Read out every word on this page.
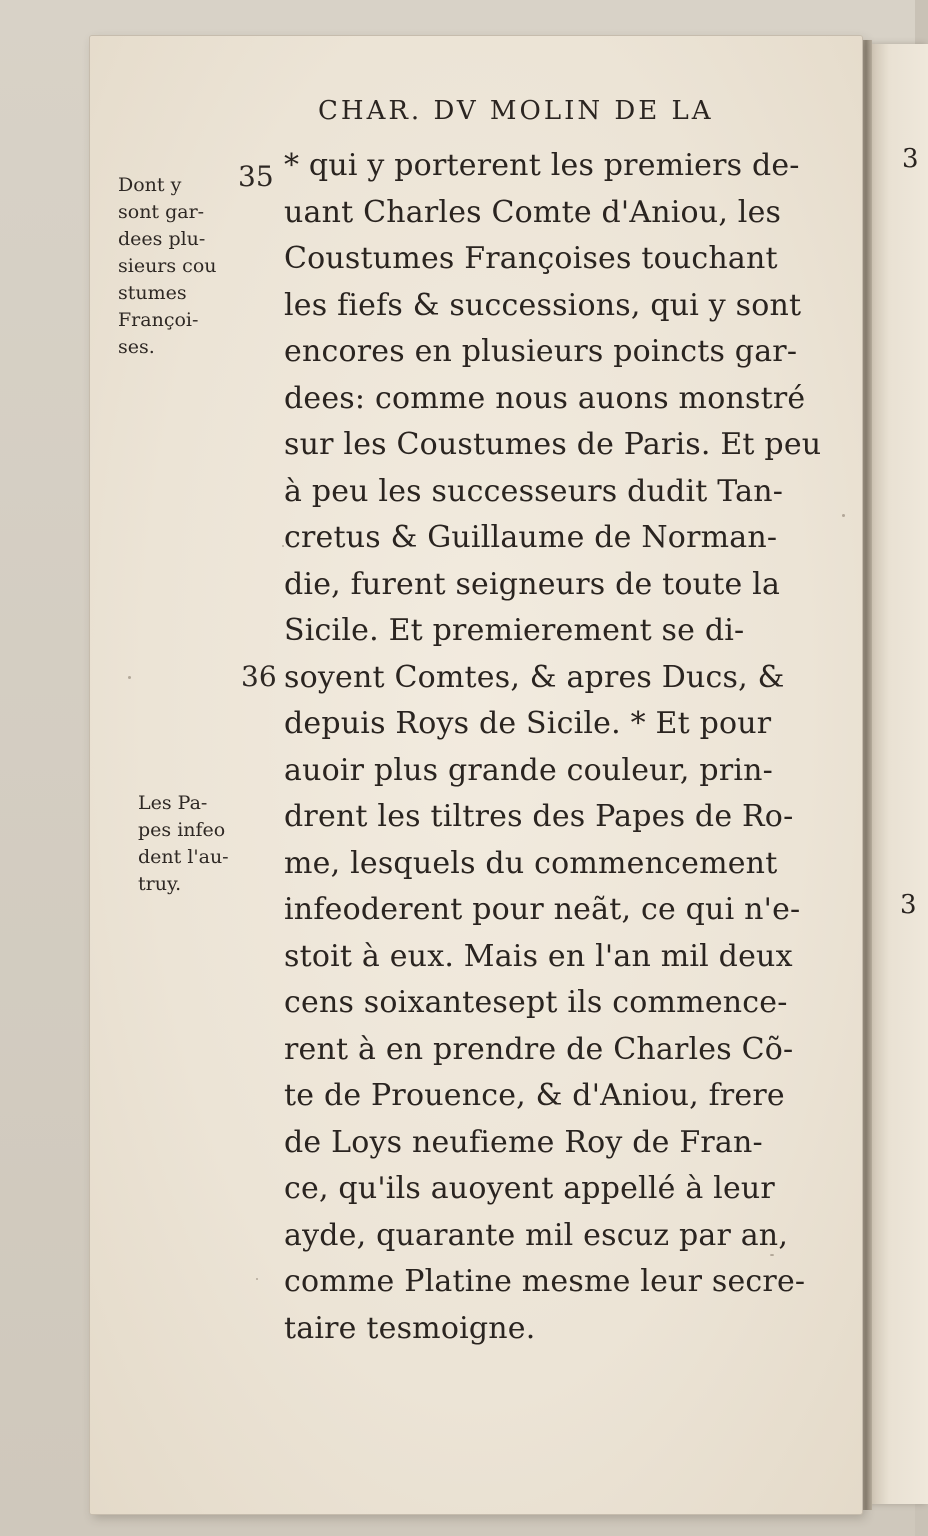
3
3

CHAR. DV MOLIN DE LA

35

36

Dont y
sont gar-
dees plu-
sieurs cou
stumes
Françoi-
ses.
Les Pa-
pes infeo
dent l'au-
truy.
* qui y porterent les premiers de-
uant Charles Comte d'Aniou, les
Coustumes Françoises touchant
les fiefs & successions, qui y sont
encores en plusieurs poincts gar-
dees: comme nous auons monstré
sur les Coustumes de Paris. Et peu
à peu les successeurs dudit Tan-
cretus & Guillaume de Norman-
die, furent seigneurs de toute la
Sicile. Et premierement se di-
soyent Comtes, & apres Ducs, &
depuis Roys de Sicile. * Et pour
auoir plus grande couleur, prin-
drent les tiltres des Papes de Ro-
me, lesquels du commencement
infeoderent pour neãt, ce qui n'e-
stoit à eux. Mais en l'an mil deux
cens soixantesept ils commence-
rent à en prendre de Charles Cõ-
te de Prouence, & d'Aniou, frere
de Loys neufieme Roy de Fran-
ce, qu'ils auoyent appellé à leur
ayde, quarante mil escuz par an,
comme Platine mesme leur secre-
taire tesmoigne.
